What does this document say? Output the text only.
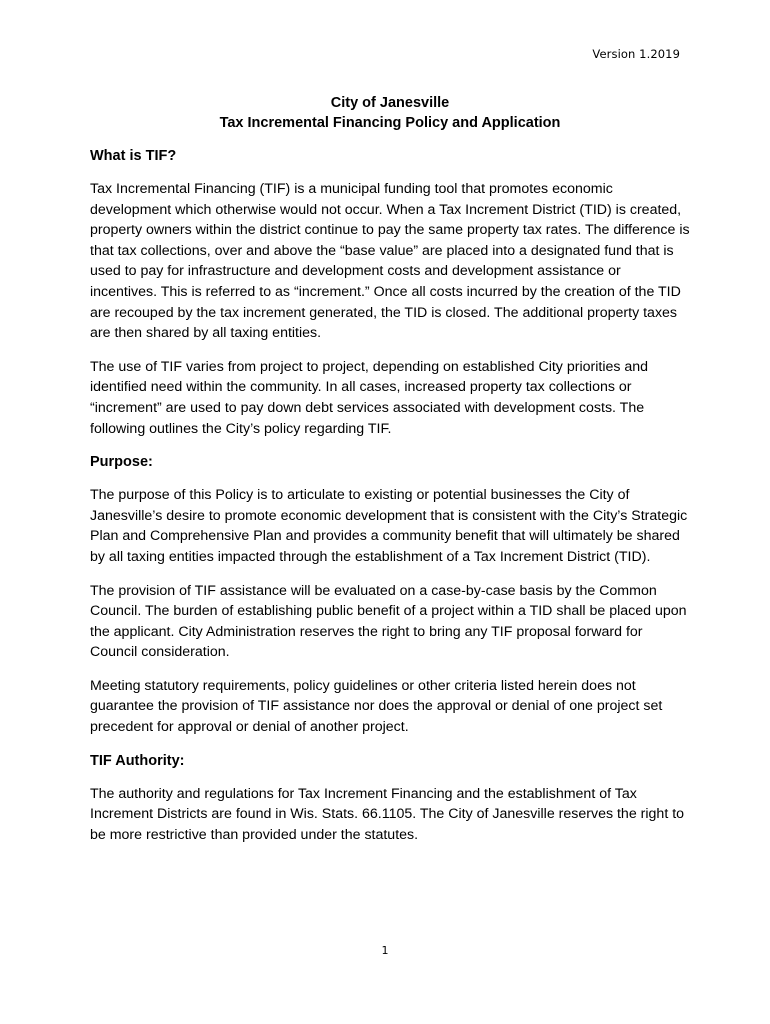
Version 1.2019
City of Janesville
Tax Incremental Financing Policy and Application
What is TIF?

Tax Incremental Financing (TIF) is a municipal funding tool that promotes economic development which otherwise would not occur. When a Tax Increment District (TID) is created, property owners within the district continue to pay the same property tax rates. The difference is that tax collections, over and above the “base value” are placed into a designated fund that is used to pay for infrastructure and development costs and development assistance or incentives. This is referred to as “increment.” Once all costs incurred by the creation of the TID are recouped by the tax increment generated, the TID is closed. The additional property taxes are then shared by all taxing entities.

The use of TIF varies from project to project, depending on established City priorities and identified need within the community. In all cases, increased property tax collections or “increment” are used to pay down debt services associated with development costs. The following outlines the City’s policy regarding TIF.

Purpose:

The purpose of this Policy is to articulate to existing or potential businesses the City of Janesville’s desire to promote economic development that is consistent with the City’s Strategic Plan and Comprehensive Plan and provides a community benefit that will ultimately be shared by all taxing entities impacted through the establishment of a Tax Increment District (TID).

The provision of TIF assistance will be evaluated on a case-by-case basis by the Common Council. The burden of establishing public benefit of a project within a TID shall be placed upon the applicant. City Administration reserves the right to bring any TIF proposal forward for Council consideration.

Meeting statutory requirements, policy guidelines or other criteria listed herein does not guarantee the provision of TIF assistance nor does the approval or denial of one project set precedent for approval or denial of another project.

TIF Authority:

The authority and regulations for Tax Increment Financing and the establishment of Tax Increment Districts are found in Wis. Stats. 66.1105. The City of Janesville reserves the right to be more restrictive than provided under the statutes.

1
